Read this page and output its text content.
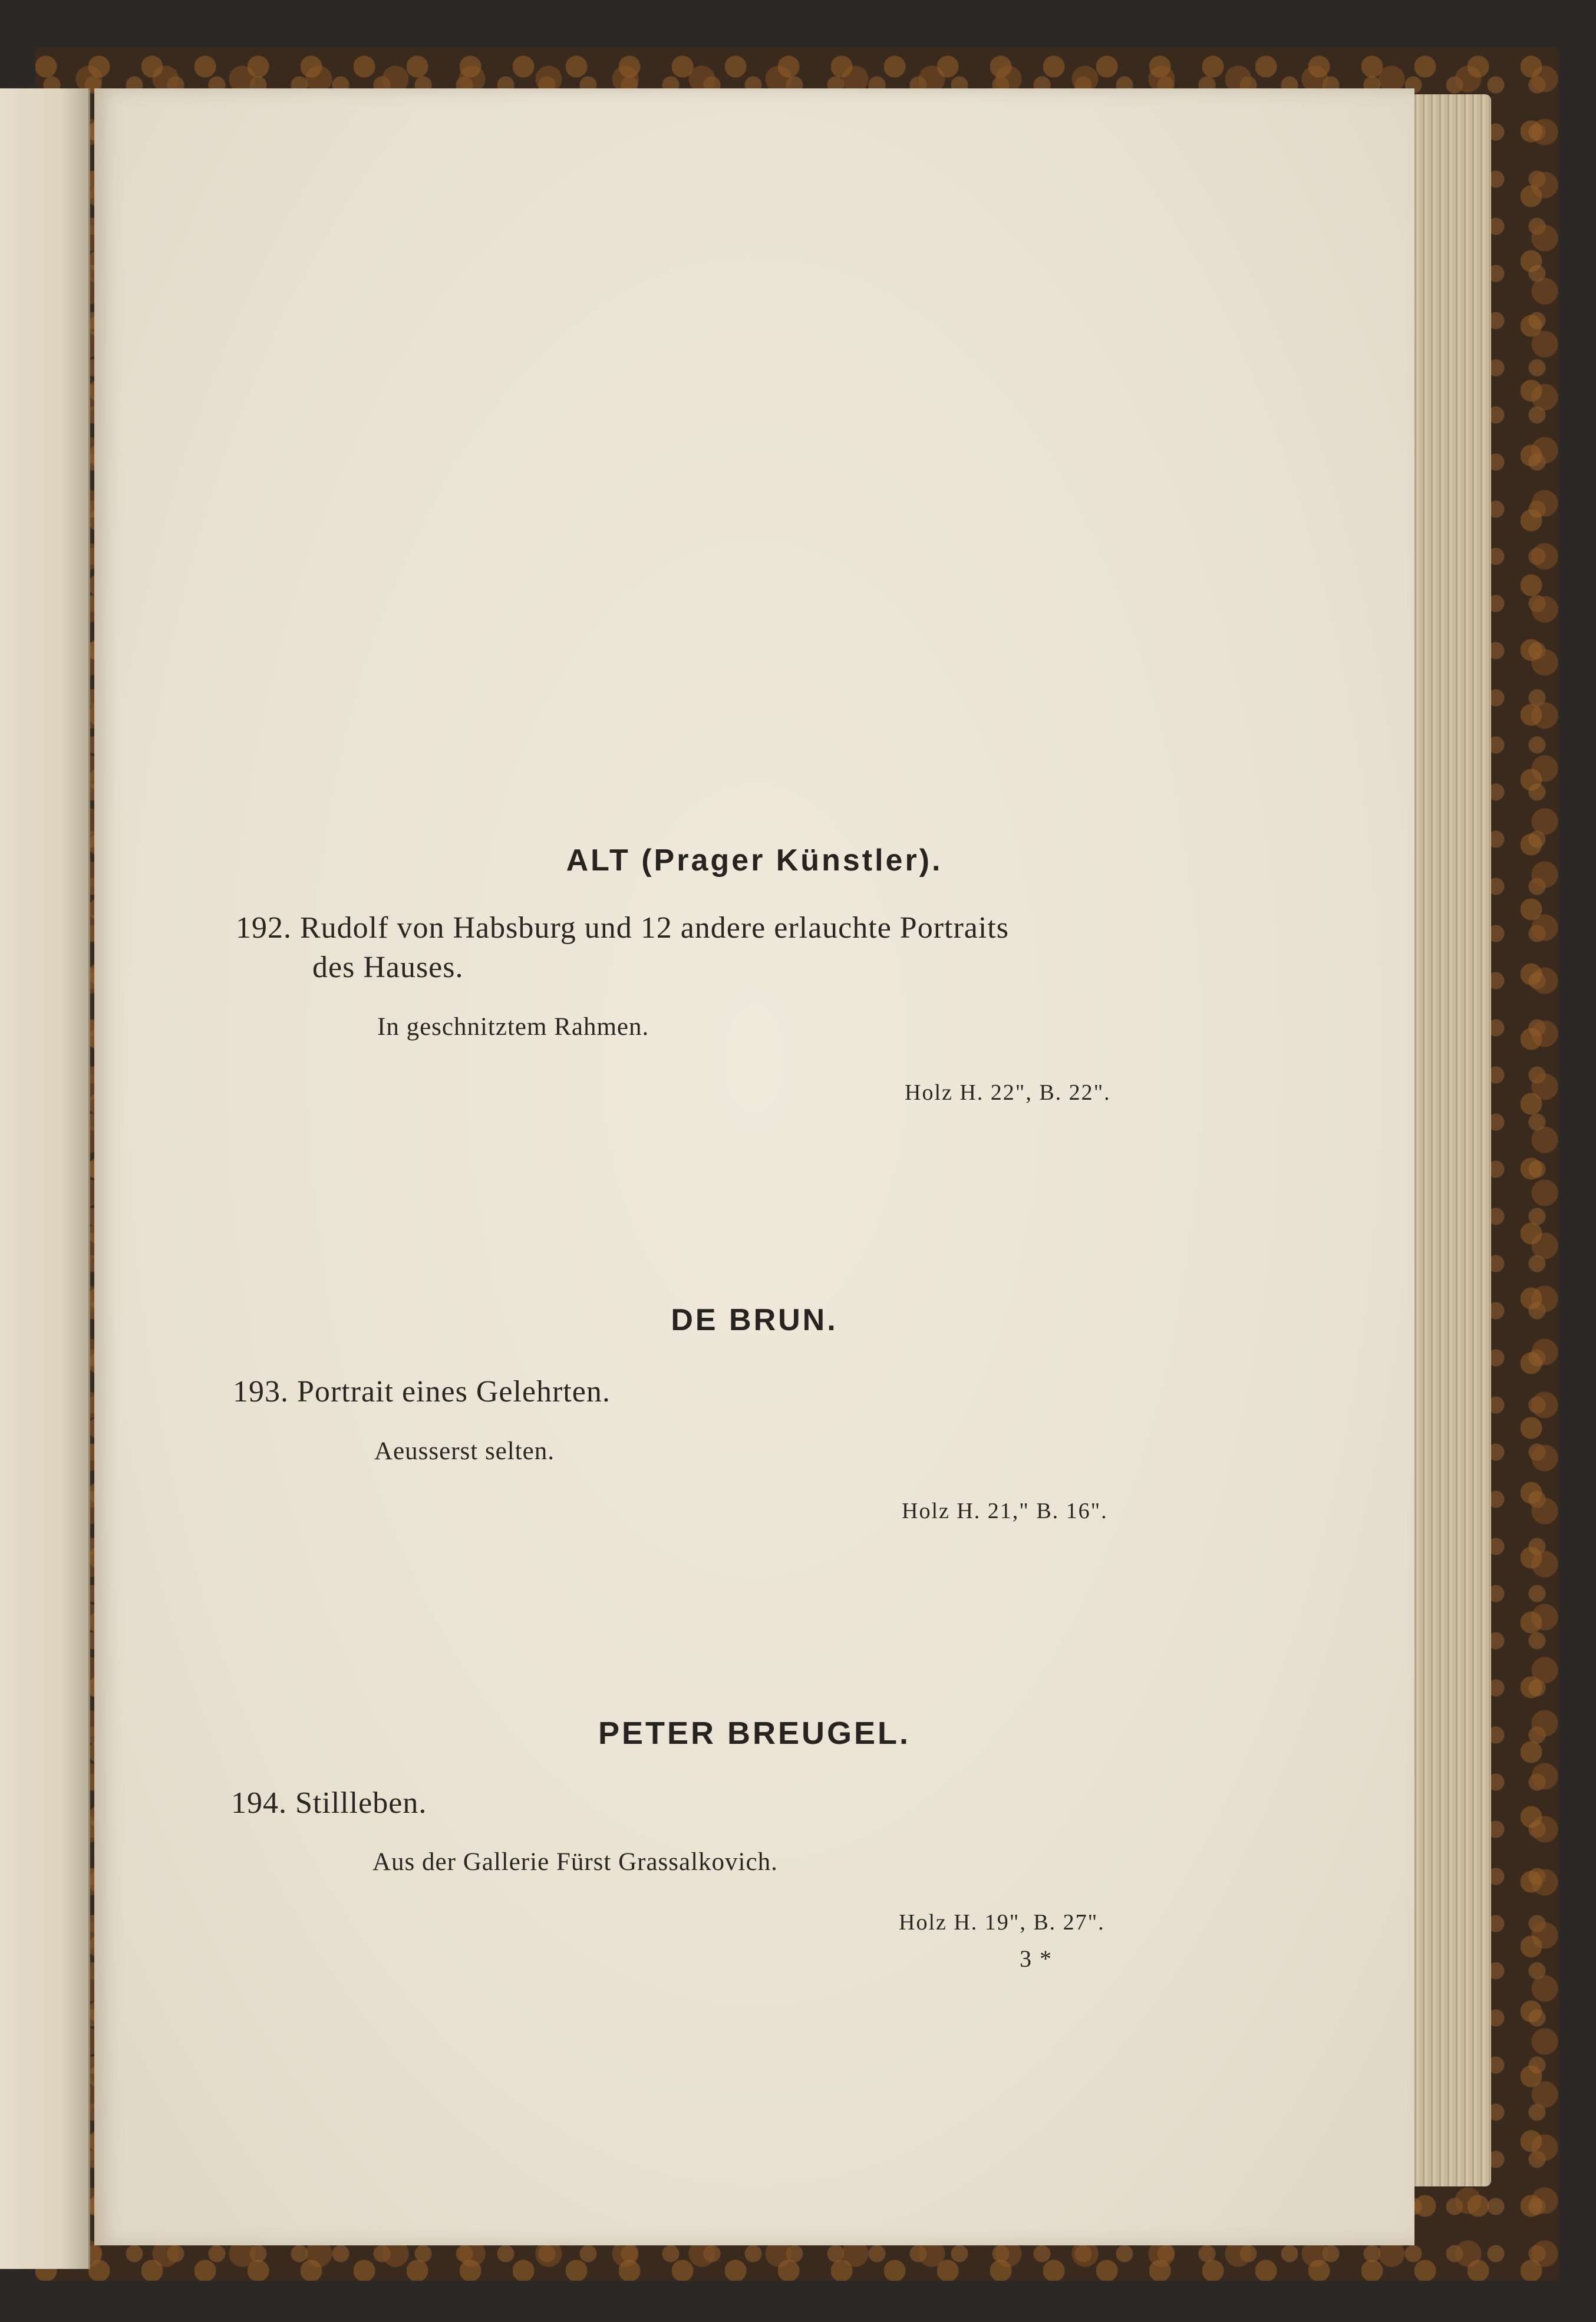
ALT (Prager Künstler).
192. Rudolf von Habsburg und 12 andere erlauchte Portraits
des Hauses.
In geschnitztem Rahmen.
Holz H. 22", B. 22".
DE BRUN.
193. Portrait eines Gelehrten.
Aeusserst selten.
Holz H. 21," B. 16".
PETER BREUGEL.
194. Stillleben.
Aus der Gallerie Fürst Grassalkovich.
Holz H. 19", B. 27".
3 *
